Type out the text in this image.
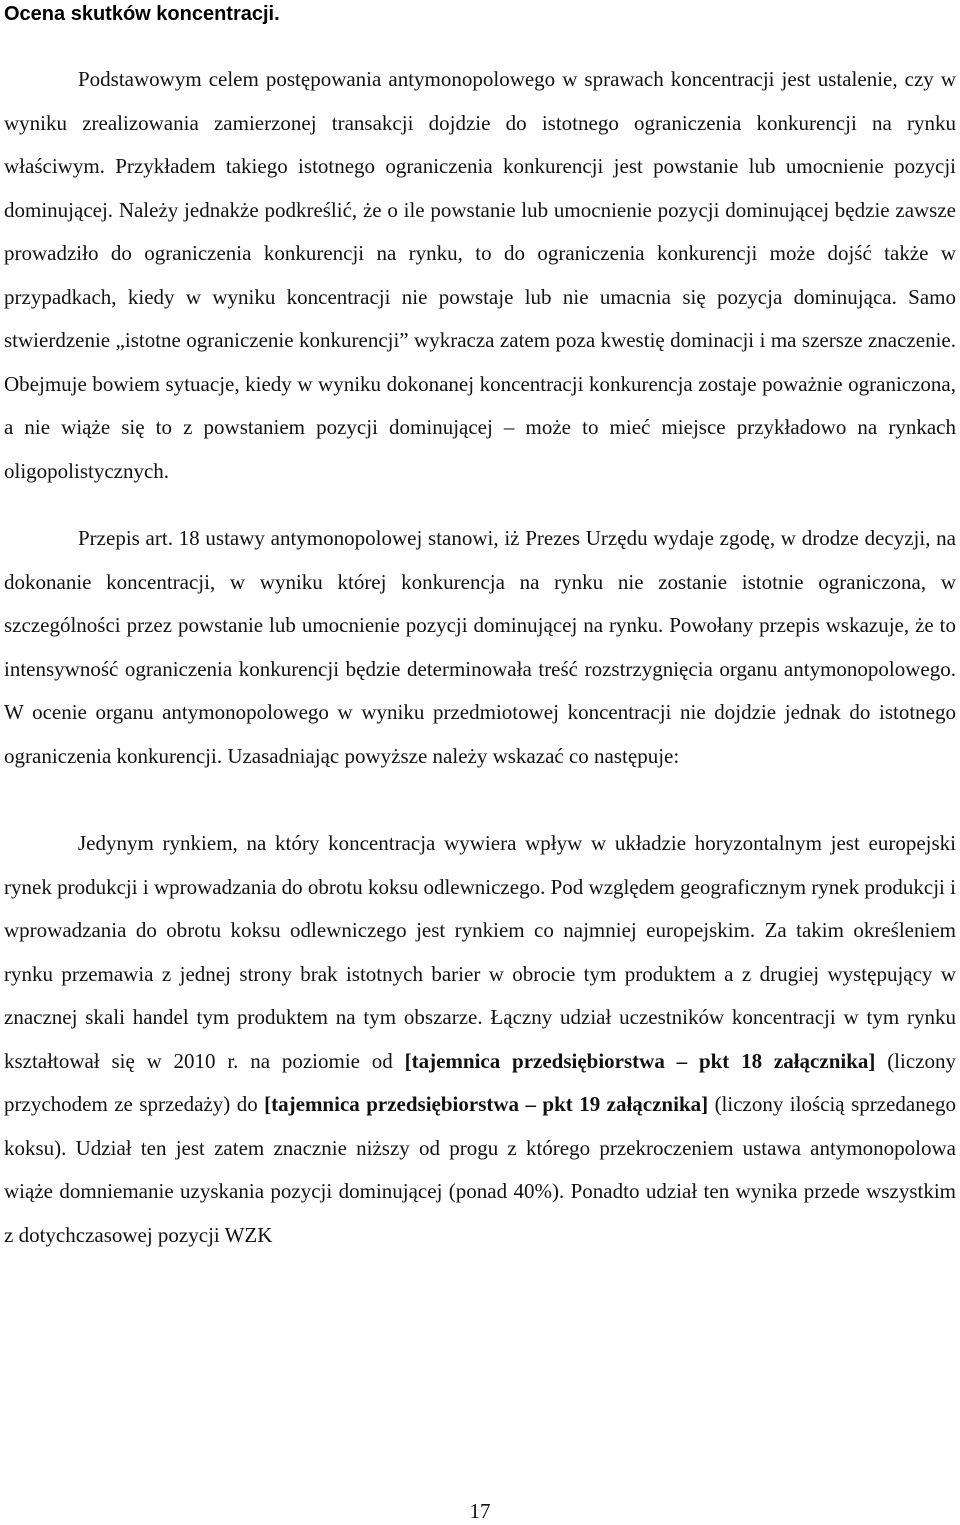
Ocena skutków koncentracji.

Podstawowym celem postępowania antymonopolowego w sprawach koncentracji jest ustalenie, czy w wyniku zrealizowania zamierzonej transakcji dojdzie do istotnego ograniczenia konkurencji na rynku właściwym. Przykładem takiego istotnego ograniczenia konkurencji jest powstanie lub umocnienie pozycji dominującej. Należy jednakże podkreślić, że o ile powstanie lub umocnienie pozycji dominującej będzie zawsze prowadziło do ograniczenia konkurencji na rynku, to do ograniczenia konkurencji może dojść także w przypadkach, kiedy w wyniku koncentracji nie powstaje lub nie umacnia się pozycja dominująca. Samo stwierdzenie „istotne ograniczenie konkurencji” wykracza zatem poza kwestię dominacji i ma szersze znaczenie. Obejmuje bowiem sytuacje, kiedy w wyniku dokonanej koncentracji konkurencja zostaje poważnie ograniczona, a nie wiąże się to z powstaniem pozycji dominującej – może to mieć miejsce przykładowo na rynkach oligopolistycznych.

Przepis art. 18 ustawy antymonopolowej stanowi, iż Prezes Urzędu wydaje zgodę, w drodze decyzji, na dokonanie koncentracji, w wyniku której konkurencja na rynku nie zostanie istotnie ograniczona, w szczególności przez powstanie lub umocnienie pozycji dominującej na rynku. Powołany przepis wskazuje, że to intensywność ograniczenia konkurencji będzie determinowała treść rozstrzygnięcia organu antymonopolowego. W ocenie organu antymonopolowego w wyniku przedmiotowej koncentracji nie dojdzie jednak do istotnego ograniczenia konkurencji. Uzasadniając powyższe należy wskazać co następuje:

Jedynym rynkiem, na który koncentracja wywiera wpływ w układzie horyzontalnym jest europejski rynek produkcji i wprowadzania do obrotu koksu odlewniczego. Pod względem geograficznym rynek produkcji i wprowadzania do obrotu koksu odlewniczego jest rynkiem co najmniej europejskim. Za takim określeniem rynku przemawia z jednej strony brak istotnych barier w obrocie tym produktem a z drugiej występujący w znacznej skali handel tym produktem na tym obszarze. Łączny udział uczestników koncentracji w tym rynku kształtował się w 2010 r. na poziomie od [tajemnica przedsiębiorstwa – pkt 18 załącznika] (liczony przychodem ze sprzedaży) do [tajemnica przedsiębiorstwa – pkt 19 załącznika] (liczony ilością sprzedanego koksu). Udział ten jest zatem znacznie niższy od progu z którego przekroczeniem ustawa antymonopolowa wiąże domniemanie uzyskania pozycji dominującej (ponad 40%). Ponadto udział ten wynika przede wszystkim z dotychczasowej pozycji WZK

17
